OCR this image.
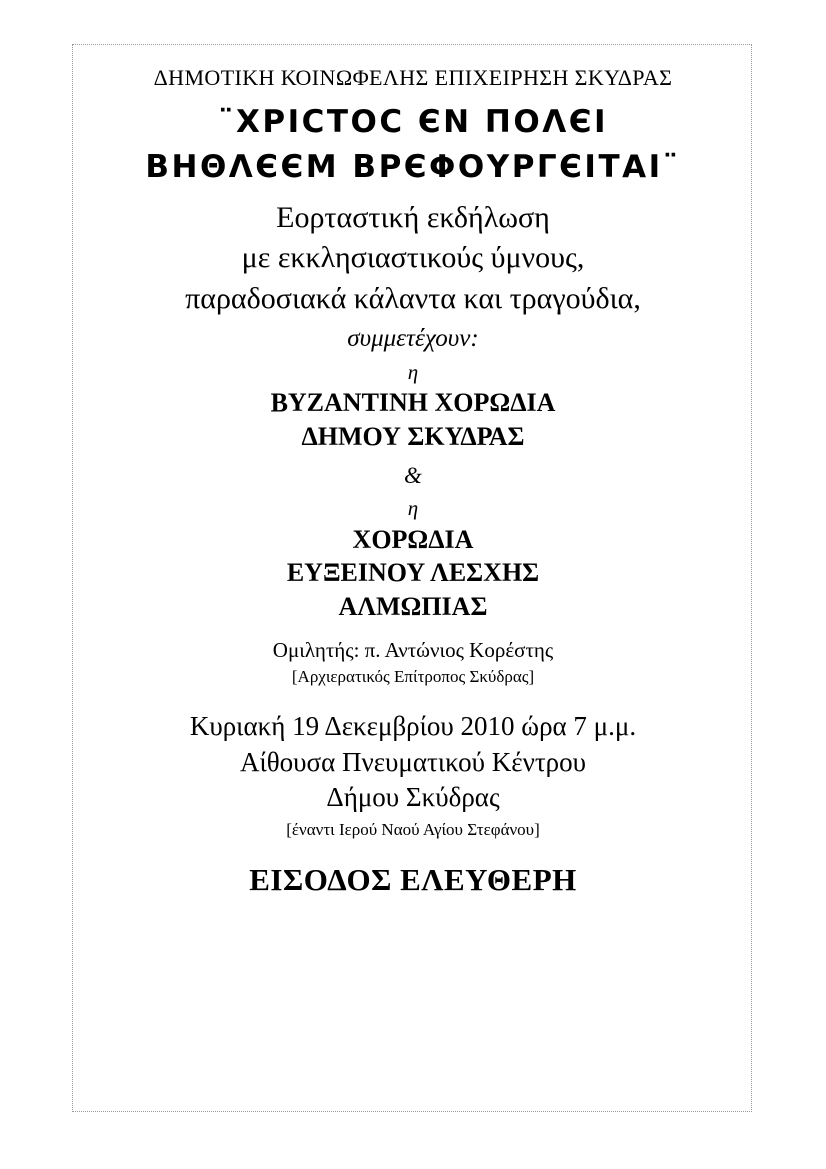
ΔΗΜΟΤΙΚΗ ΚΟΙΝΩΦΕΛΗΣ ΕΠΙΧΕΙΡΗΣΗ ΣΚΥΔΡΑΣ

¨ΧΡΙCΤΟC ЄΝ ΠΟΛЄΙ
ΒΗΘΛЄЄΜ ΒΡЄΦΟΥΡΓЄΙΤΑΙ¨
Εορταστική εκδήλωση
με εκκλησιαστικούς ύμνους,
παραδοσιακά κάλαντα και τραγούδια,

συμμετέχουν:

η

ΒΥΖΑΝΤΙΝΗ ΧΟΡΩΔΙΑ
ΔΗΜΟΥ ΣΚΥΔΡΑΣ

&

η

ΧΟΡΩΔΙΑ
ΕΥΞΕΙΝΟΥ ΛΕΣΧΗΣ
ΑΛΜΩΠΙΑΣ

Ομιλητής: π. Αντώνιος Κορέστης

[Αρχιερατικός Επίτροπος Σκύδρας]

Κυριακή 19 Δεκεμβρίου 2010 ώρα 7 μ.μ.
Αίθουσα Πνευματικού Κέντρου
Δήμου Σκύδρας

[έναντι Ιερού Ναού Αγίου Στεφάνου]

ΕΙΣΟΔΟΣ ΕΛΕΥΘΕΡΗ
